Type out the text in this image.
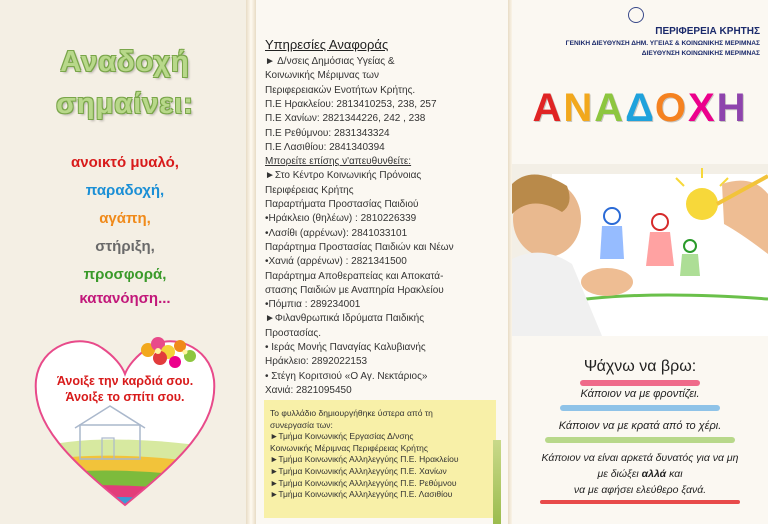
Αναδοχή
σημαίνει:
ανοικτό μυαλό,
παραδοχή,
αγάπη,
στήριξη,
προσφορά,
κατανόηση...
Άνοιξε την καρδιά σου.
Άνοιξε το σπίτι σου.
Υπηρεσίες Αναφοράς
► Δ/νσεις Δημόσιας Υγείας &
Κοινωνικής Μέριμνας των
Περιφερειακών Ενοτήτων Κρήτης.
Π.Ε Ηρακλείου: 2813410253, 238, 257
Π.Ε Χανίων: 2821344226, 242 , 238
Π.Ε Ρεθύμνου: 2831343324
Π.Ε Λασιθίου: 2841340394
Μπορείτε επίσης ν'απευθυνθείτε:
►Στο Κέντρο Κοινωνικής Πρόνοιας
Περιφέρειας Κρήτης
Παραρτήματα Προστασίας Παιδιού
•Ηράκλειο (θηλέων) : 2810226339
•Λασίθι (αρρένων): 2841033101
Παράρτημα Προστασίας Παιδιών και Νέων
•Χανιά (αρρένων) : 2821341500
Παράρτημα Αποθεραπείας και Αποκατά-
στασης Παιδιών με Αναπηρία Ηρακλείου
•Πόμπια : 289234001
►Φιλανθρωπικά Ιδρύματα Παιδικής
Προστασίας.
• Ιεράς Μονής Παναγίας Καλυβιανής
Ηράκλειο: 2892022153
• Στέγη Κοριτσιού «Ο Αγ. Νεκτάριος»
Χανιά: 2821095450
Το φυλλάδιο δημιουργήθηκε ύστερα από τη
συνεργασία των:
►Τμήμα Κοινωνικής Εργασίας Δ/νσης
Κοινωνικής Μέριμνας Περιφέρειας Κρήτης
►Τμήμα Κοινωνικής Αλληλεγγύης Π.Ε. Ηρακλείου
►Τμήμα Κοινωνικής Αλληλεγγύης Π.Ε. Χανίων
►Τμήμα Κοινωνικής Αλληλεγγύης Π.Ε. Ρεθύμνου
►Τμήμα Κοινωνικής Αλληλεγγύης Π.Ε. Λασιθίου
ΠΕΡΙΦΕΡΕΙΑ ΚΡΗΤΗΣ
ΓΕΝΙΚΗ ΔΙΕΥΘΥΝΣΗ ΔΗΜ. ΥΓΕΙΑΣ & ΚΟΙΝΩΝΙΚΗΣ ΜΕΡΙΜΝΑΣ
ΔΙΕΥΘΥΝΣΗ ΚΟΙΝΩΝΙΚΗΣ ΜΕΡΙΜΝΑΣ
ΑΝΑΔΟΧΗ
Ψάχνω να βρω:
Κάποιον να με φροντίζει.
Κάποιον να με κρατά από το χέρι.
Κάποιον να είναι αρκετά δυνατός για να μη
με διώξει αλλά και
να με αφήσει ελεύθερο ξανά.
